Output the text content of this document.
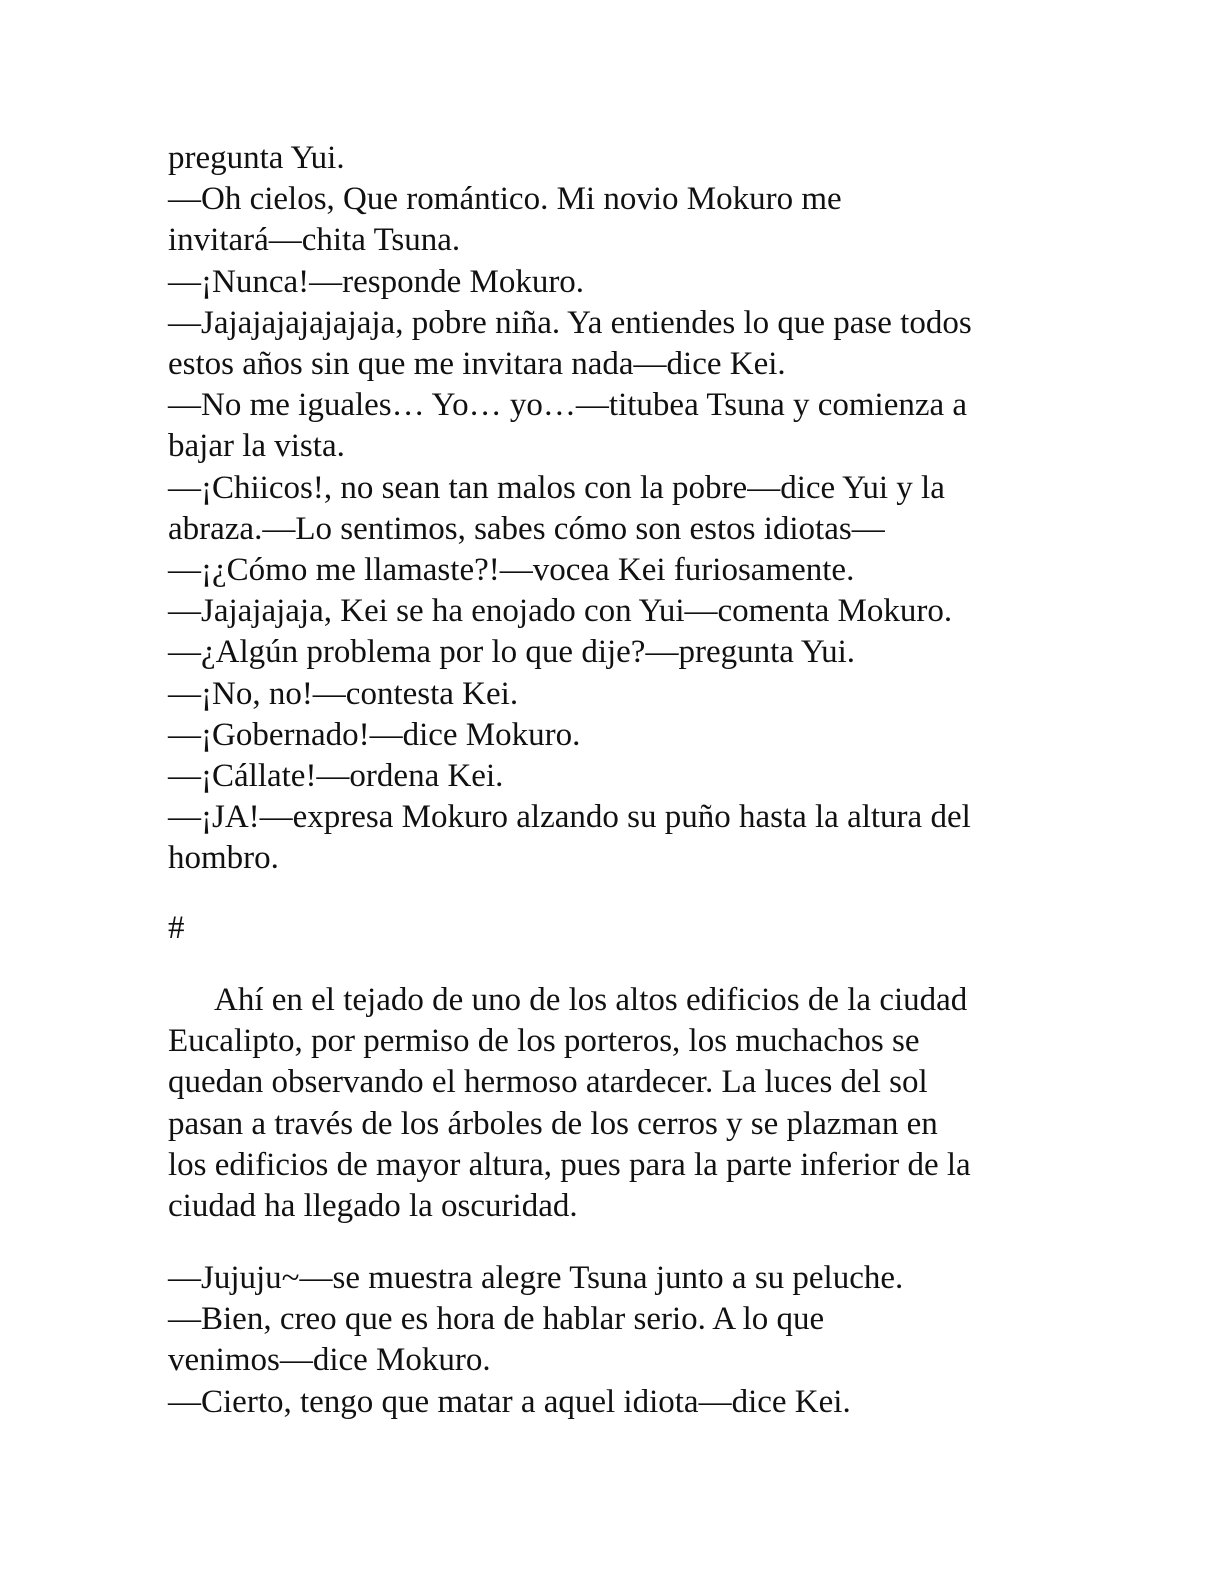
pregunta Yui.
—Oh cielos, Que romántico. Mi novio Mokuro me
invitará—chita Tsuna.
—¡Nunca!—responde Mokuro.
—Jajajajajajajaja, pobre niña. Ya entiendes lo que pase todos
estos años sin que me invitara nada—dice Kei.
—No me iguales… Yo… yo…—titubea Tsuna y comienza a
bajar la vista.
—¡Chiicos!, no sean tan malos con la pobre—dice Yui y la
abraza.—Lo sentimos, sabes cómo son estos idiotas—
—¡¿Cómo me llamaste?!—vocea Kei furiosamente.
—Jajajajaja, Kei se ha enojado con Yui—comenta Mokuro.
—¿Algún problema por lo que dije?—pregunta Yui.
—¡No, no!—contesta Kei.
—¡Gobernado!—dice Mokuro.
—¡Cállate!—ordena Kei.
—¡JA!—expresa Mokuro alzando su puño hasta la altura del
hombro.
#
Ahí en el tejado de uno de los altos edificios de la ciudad
Eucalipto, por permiso de los porteros, los muchachos se
quedan observando el hermoso atardecer. La luces del sol
pasan a través de los árboles de los cerros y se plazman en
los edificios de mayor altura, pues para la parte inferior de la
ciudad ha llegado la oscuridad.
—Jujuju~—se muestra alegre Tsuna junto a su peluche.
—Bien, creo que es hora de hablar serio. A lo que
venimos—dice Mokuro.
—Cierto, tengo que matar a aquel idiota—dice Kei.
